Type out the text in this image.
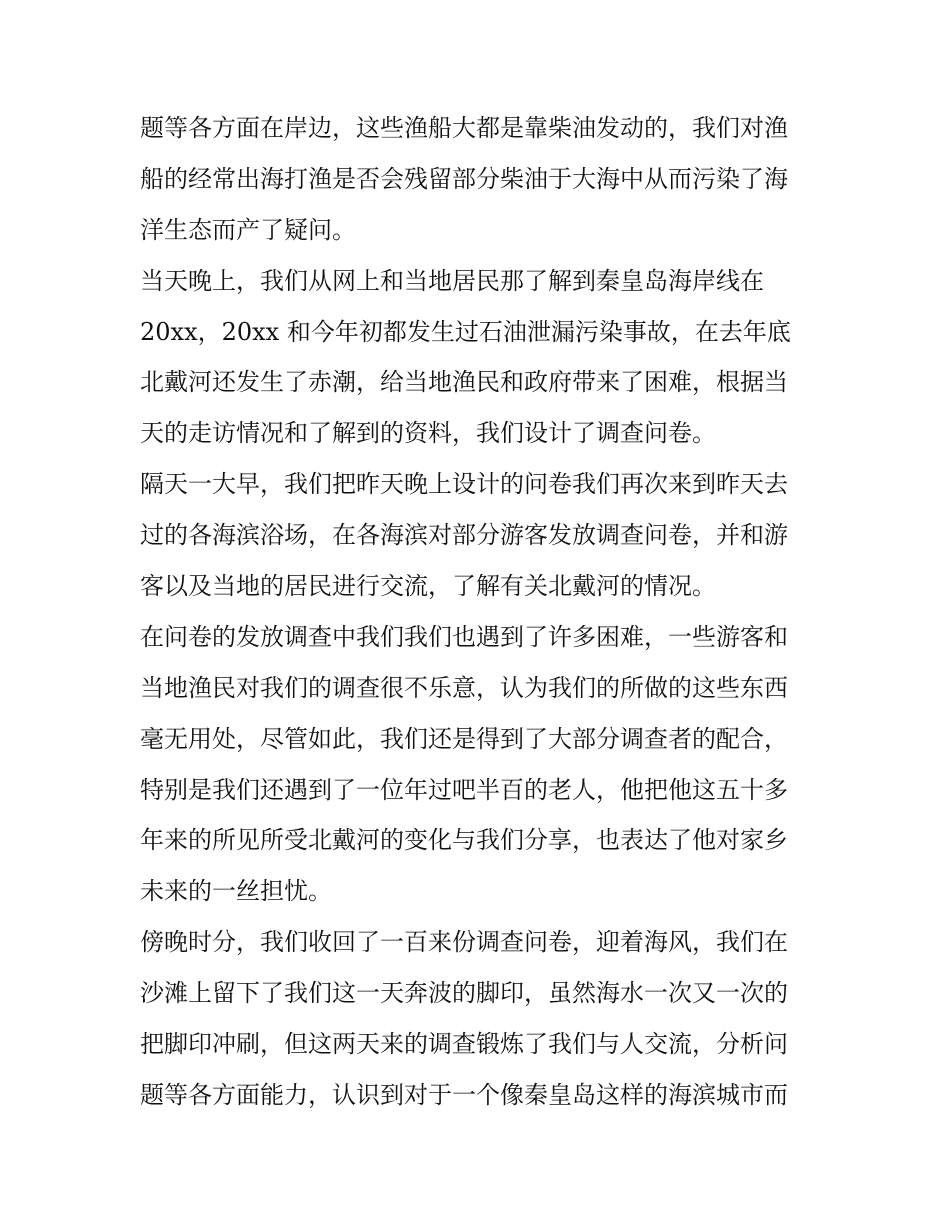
题等各方面在岸边，这些渔船大都是靠柴油发动的，我们对渔
船的经常出海打渔是否会残留部分柴油于大海中从而污染了海
洋生态而产了疑问。
当天晚上，我们从网上和当地居民那了解到秦皇岛海岸线在
20xx，20xx 和今年初都发生过石油泄漏污染事故，在去年底
北戴河还发生了赤潮，给当地渔民和政府带来了困难，根据当
天的走访情况和了解到的资料，我们设计了调查问卷。
隔天一大早，我们把昨天晚上设计的问卷我们再次来到昨天去
过的各海滨浴场，在各海滨对部分游客发放调查问卷，并和游
客以及当地的居民进行交流，了解有关北戴河的情况。
在问卷的发放调查中我们我们也遇到了许多困难，一些游客和
当地渔民对我们的调查很不乐意，认为我们的所做的这些东西
毫无用处，尽管如此，我们还是得到了大部分调查者的配合，
特别是我们还遇到了一位年过吧半百的老人，他把他这五十多
年来的所见所受北戴河的变化与我们分享，也表达了他对家乡
未来的一丝担忧。
傍晚时分，我们收回了一百来份调查问卷，迎着海风，我们在
沙滩上留下了我们这一天奔波的脚印，虽然海水一次又一次的
把脚印冲刷，但这两天来的调查锻炼了我们与人交流，分析问
题等各方面能力，认识到对于一个像秦皇岛这样的海滨城市而
